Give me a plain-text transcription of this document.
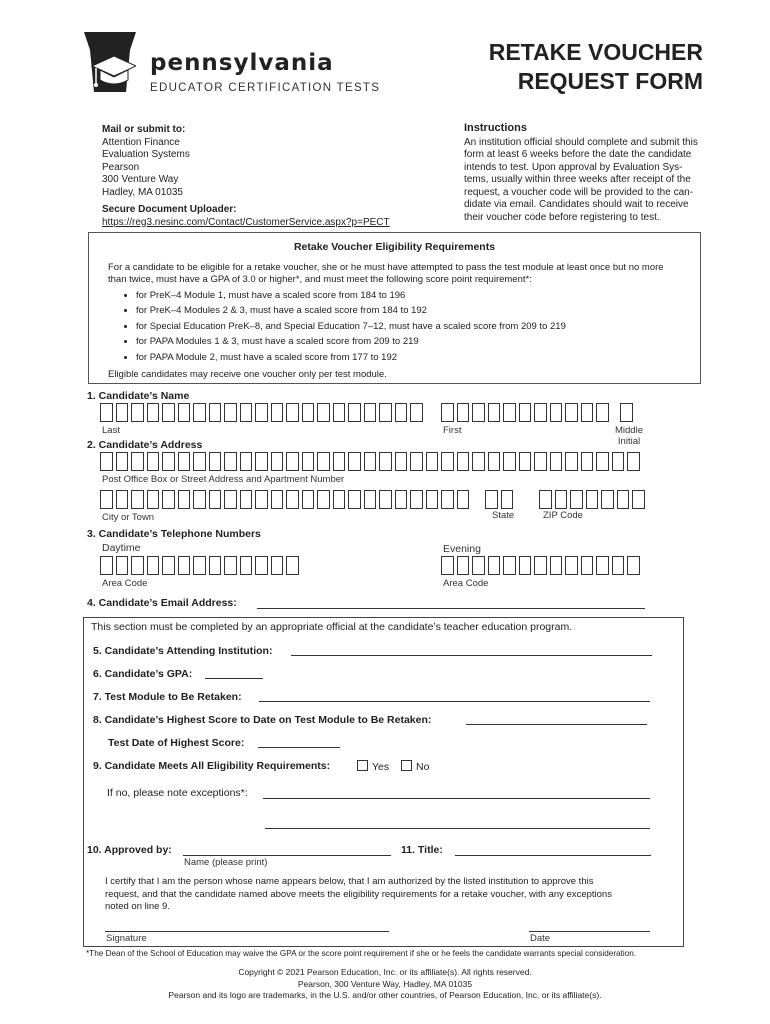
pennsylvania
EDUCATOR CERTIFICATION TESTS
RETAKE VOUCHER
REQUEST FORM
Mail or submit to:
Attention Finance
Evaluation Systems
Pearson
300 Venture Way
Hadley, MA 01035
Secure Document Uploader:
https://reg3.nesinc.com/Contact/CustomerService.aspx?p=PECT
Instructions
An institution official should complete and submit this
form at least 6 weeks before the date the candidate
intends to test. Upon approval by Evaluation Sys-
tems, usually within three weeks after receipt of the
request, a voucher code will be provided to the can-
didate via email. Candidates should wait to receive
their voucher code before registering to test.
Retake Voucher Eligibility Requirements
For a candidate to be eligible for a retake voucher, she or he must have attempted to pass the test module at least once but no more
than twice, must have a GPA of 3.0 or higher*, and must meet the following score point requirement*:
• for PreK–4 Module 1, must have a scaled score from 184 to 196
• for PreK–4 Modules 2 & 3, must have a scaled score from 184 to 192
• for Special Education PreK–8, and Special Education 7–12, must have a scaled score from 209 to 219
• for PAPA Modules 1 & 3, must have a scaled score from 209 to 219
• for PAPA Module 2, must have a scaled score from 177 to 192
Eligible candidates may receive one voucher only per test module.
1. Candidate’s Name
Last	First	Middle
Initial
2. Candidate’s Address
Post Office Box or Street Address and Apartment Number
City or Town	State	ZIP Code
3. Candidate’s Telephone Numbers
Daytime	Evening
Area Code	Area Code
4. Candidate’s Email Address:
This section must be completed by an appropriate official at the candidate’s teacher education program.
5. Candidate’s Attending Institution:
6. Candidate’s GPA:
7. Test Module to Be Retaken:
8. Candidate’s Highest Score to Date on Test Module to Be Retaken:
Test Date of Highest Score:
9. Candidate Meets All Eligibility Requirements:	Yes	No
If no, please note exceptions*:
10. Approved by:
Name (please print)
11. Title:
I certify that I am the person whose name appears below, that I am authorized by the listed institution to approve this
request, and that the candidate named above meets the eligibility requirements for a retake voucher, with any exceptions
noted on line 9.
Signature	Date
*The Dean of the School of Education may waive the GPA or the score point requirement if she or he feels the candidate warrants special consideration.
Copyright © 2021 Pearson Education, Inc. or its affiliate(s). All rights reserved.
Pearson, 300 Venture Way, Hadley, MA 01035
Pearson and its logo are trademarks, in the U.S. and/or other countries, of Pearson Education, Inc. or its affiliate(s).
